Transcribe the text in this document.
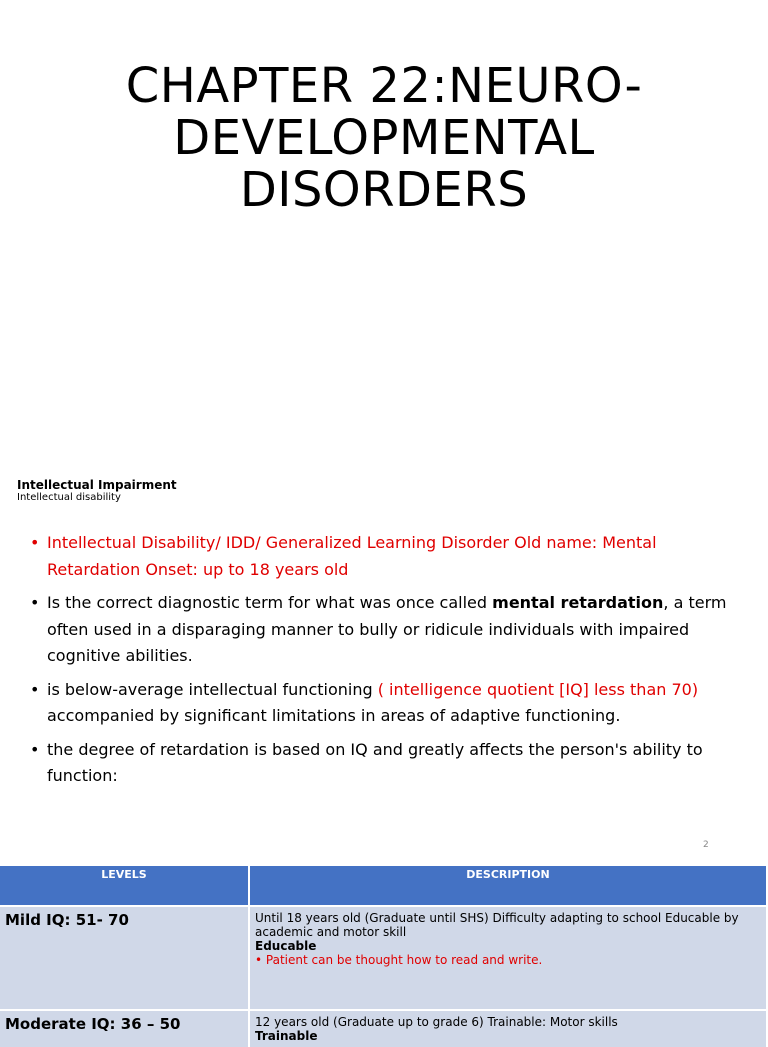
CHAPTER 22:NEURO-
DEVELOPMENTAL
DISORDERS
Intellectual Impairment
Intellectual disability
• Intellectual Disability/ IDD/ Generalized Learning Disorder Old name: Mental Retardation Onset: up to 18 years old
• Is the correct diagnostic term for what was once called mental retardation, a term often used in a disparaging manner to bully or ridicule individuals with impaired cognitive abilities.
• is below-average intellectual functioning ( intelligence quotient [IQ] less than 70) accompanied by significant limitations in areas of adaptive functioning.
• the degree of retardation is based on IQ and greatly affects the person's ability to function:
2
LEVELS	DESCRIPTION
Mild IQ: 51- 70	Until 18 years old (Graduate until SHS) Difficulty adapting to school Educable by academic and motor skill
Educable
• Patient can be thought how to read and write.

Moderate IQ: 36 – 50	12 years old (Graduate up to grade 6) Trainable: Motor skills
Trainable
